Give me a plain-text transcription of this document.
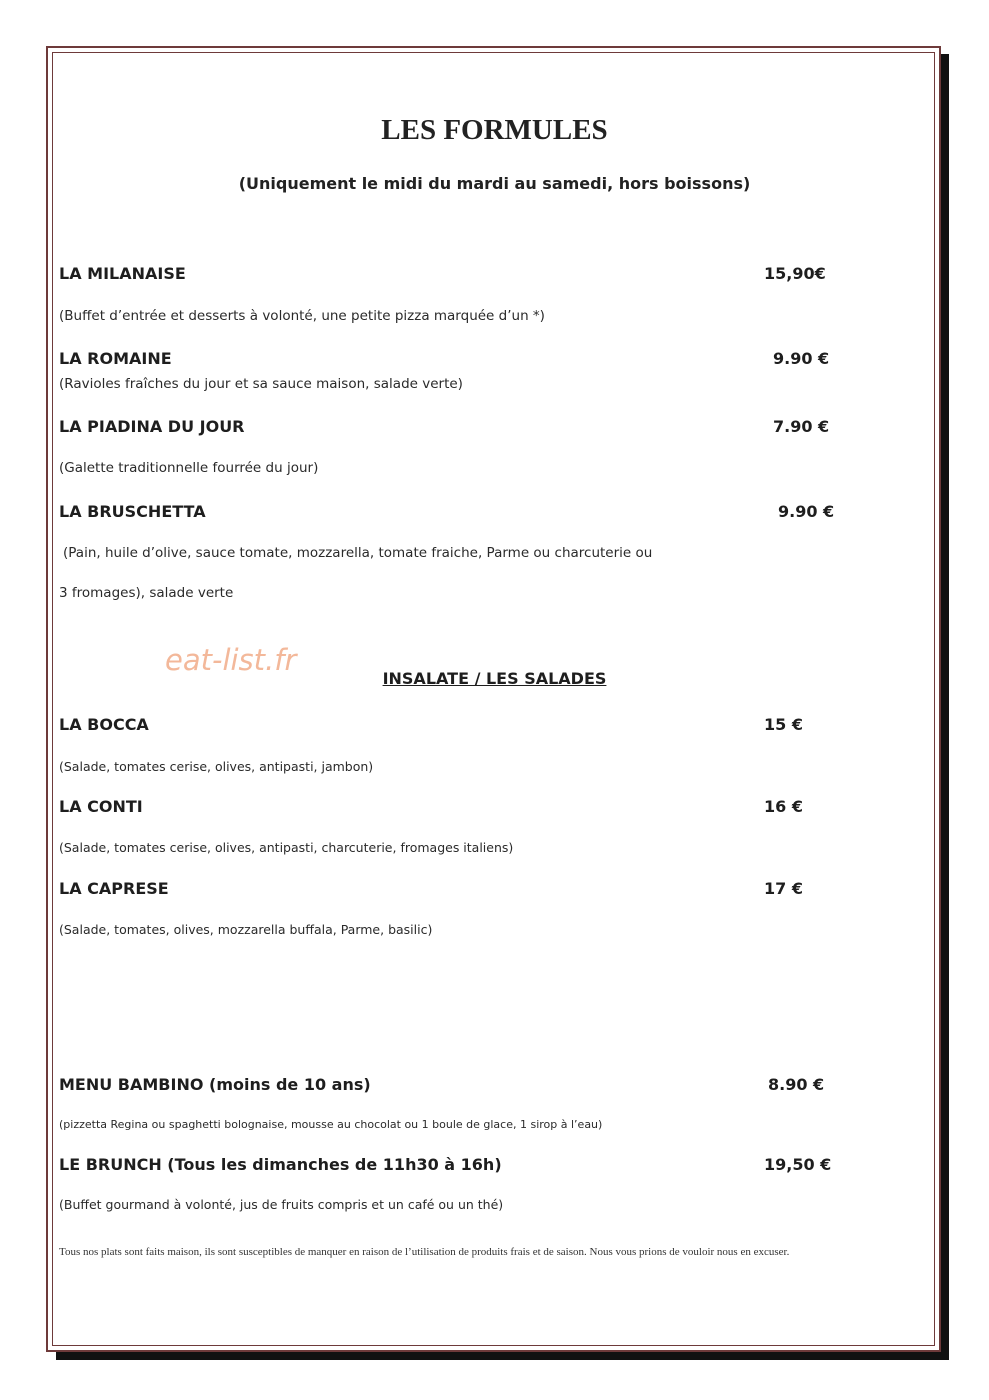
LES FORMULES
(Uniquement le midi du mardi au samedi, hors boissons)
LA MILANAISE	15,90€
(Buffet d’entrée et desserts à volonté, une petite pizza marquée d’un *)
LA ROMAINE	9.90 €
(Ravioles fraîches du jour et sa sauce maison, salade verte)
LA PIADINA DU JOUR	7.90 €
(Galette traditionnelle fourrée du jour)
LA BRUSCHETTA	9.90 €
(Pain, huile d’olive, sauce tomate, mozzarella, tomate fraiche, Parme ou charcuterie ou
3 fromages), salade verte
eat-list.fr
INSALATE / LES SALADES
LA BOCCA	15 €
(Salade, tomates cerise, olives, antipasti, jambon)
LA CONTI	16 €
(Salade, tomates cerise, olives, antipasti, charcuterie, fromages italiens)
LA CAPRESE	17 €
(Salade, tomates, olives, mozzarella buffala, Parme, basilic)
MENU BAMBINO (moins de 10 ans)	8.90 €
(pizzetta Regina ou spaghetti bolognaise, mousse au chocolat ou 1 boule de glace, 1 sirop à l’eau)
LE BRUNCH (Tous les dimanches de 11h30 à 16h)	19,50 €
(Buffet gourmand à volonté, jus de fruits compris et un café ou un thé)
Tous nos plats sont faits maison, ils sont susceptibles de manquer en raison de l’utilisation de produits frais et de saison. Nous vous prions de vouloir nous en excuser.
